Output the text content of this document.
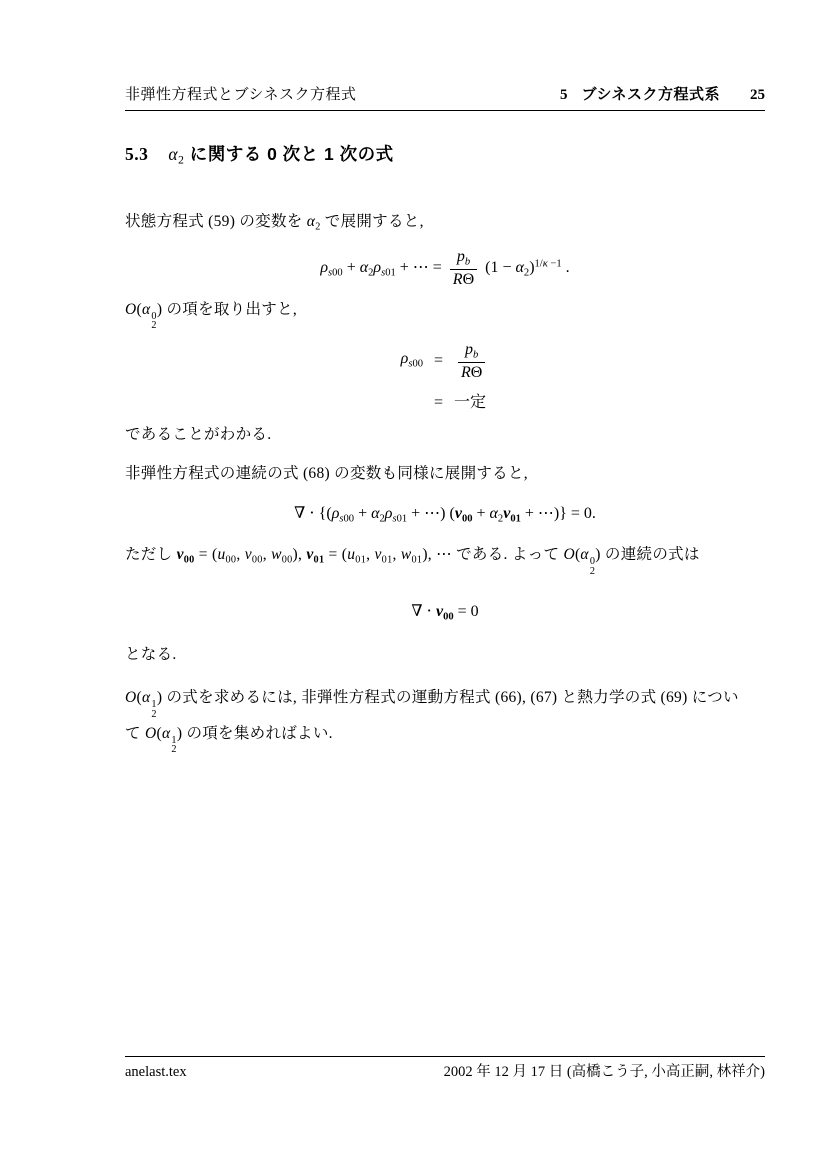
非弾性方程式とブシネスク方程式	5 ブシネスク方程式系 25
5.3 $\alpha_2$ に関する 0 次と 1 次の式

状態方程式 (59) の変数を $\alpha_2$ で展開すると,

$\rho_{s00} + \alpha_2\rho_{s01}$ + ⋯ = $\frac{p_b}{R\Theta} (1 - \alpha_2)^{1/\kappa -1}$ .

O(α 0
2
) の項を取り出すと,

$\rho_{s00} = \frac{p_b}{R\Theta}$
= 一定

であることがわかる.

非弾性方程式の連続の式 (68) の変数も同様に展開すると,

∇ ⋅ {($\rho_{s00} + \alpha_2\rho_{s01}$ + ⋯) ($v_{00} + \alpha_2v_{01}$ + ⋯)} = 0.

ただし $v_{00} = (u_{00}$, $v_{00}$, $w_{00}$), $v_{01} = (u_{01}$, $v_{01}$, $w_{01}$), ⋯ である. よって O(α 0
2
) の連続の式は

∇ ⋅ $v_{00} = 0$

となる.

O(α 1
2
) の式を求めるには, 非弾性方程式の運動方程式 (66), (67) と熱力学の式 (69) につい
て O(α 1
2
) の項を集めればよい.

anelast.tex	2002 年 12 月 17 日 (高橋こう子, 小高正嗣, 林祥介)
